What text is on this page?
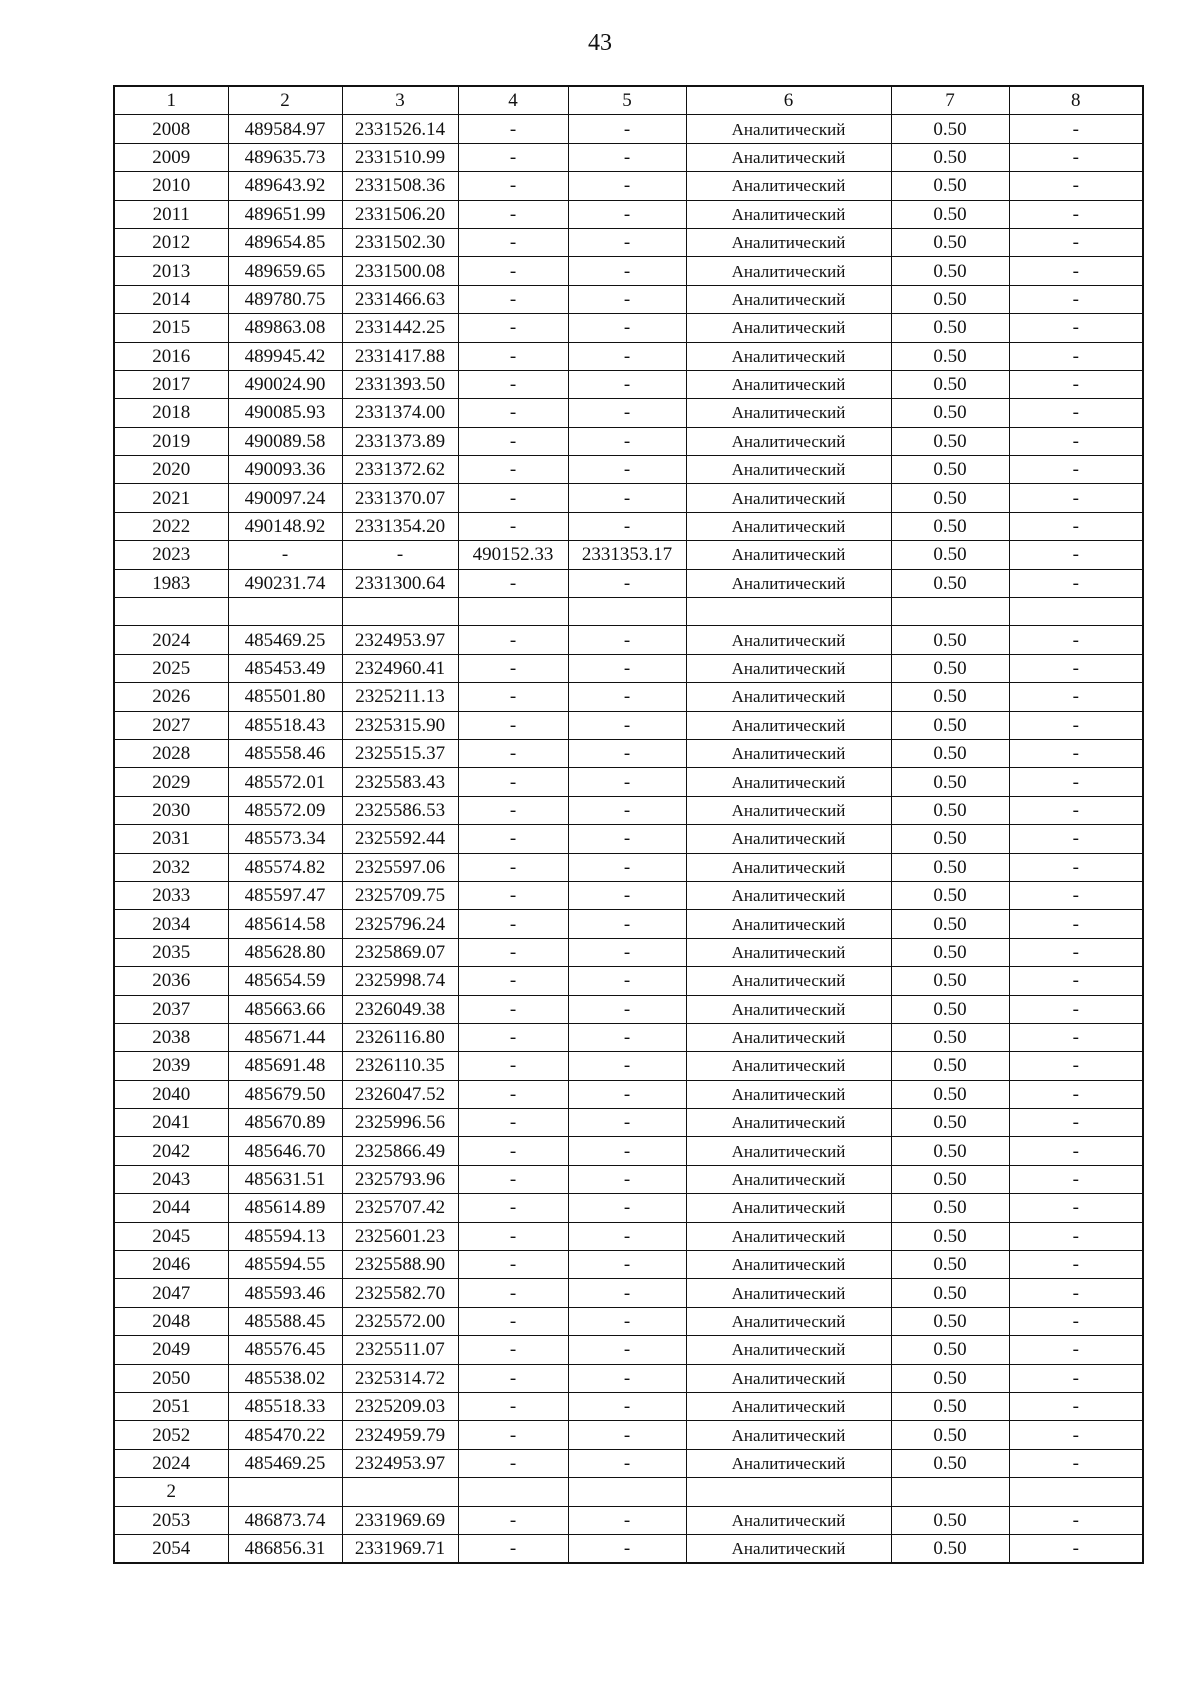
43
1	2	3	4	5	6	7	8
2008	489584.97	2331526.14	-	-	Аналитический	0.50	-
2009	489635.73	2331510.99	-	-	Аналитический	0.50	-
2010	489643.92	2331508.36	-	-	Аналитический	0.50	-
2011	489651.99	2331506.20	-	-	Аналитический	0.50	-
2012	489654.85	2331502.30	-	-	Аналитический	0.50	-
2013	489659.65	2331500.08	-	-	Аналитический	0.50	-
2014	489780.75	2331466.63	-	-	Аналитический	0.50	-
2015	489863.08	2331442.25	-	-	Аналитический	0.50	-
2016	489945.42	2331417.88	-	-	Аналитический	0.50	-
2017	490024.90	2331393.50	-	-	Аналитический	0.50	-
2018	490085.93	2331374.00	-	-	Аналитический	0.50	-
2019	490089.58	2331373.89	-	-	Аналитический	0.50	-
2020	490093.36	2331372.62	-	-	Аналитический	0.50	-
2021	490097.24	2331370.07	-	-	Аналитический	0.50	-
2022	490148.92	2331354.20	-	-	Аналитический	0.50	-
2023	-	-	490152.33	2331353.17	Аналитический	0.50	-
1983	490231.74	2331300.64	-	-	Аналитический	0.50	-

2024	485469.25	2324953.97	-	-	Аналитический	0.50	-
2025	485453.49	2324960.41	-	-	Аналитический	0.50	-
2026	485501.80	2325211.13	-	-	Аналитический	0.50	-
2027	485518.43	2325315.90	-	-	Аналитический	0.50	-
2028	485558.46	2325515.37	-	-	Аналитический	0.50	-
2029	485572.01	2325583.43	-	-	Аналитический	0.50	-
2030	485572.09	2325586.53	-	-	Аналитический	0.50	-
2031	485573.34	2325592.44	-	-	Аналитический	0.50	-
2032	485574.82	2325597.06	-	-	Аналитический	0.50	-
2033	485597.47	2325709.75	-	-	Аналитический	0.50	-
2034	485614.58	2325796.24	-	-	Аналитический	0.50	-
2035	485628.80	2325869.07	-	-	Аналитический	0.50	-
2036	485654.59	2325998.74	-	-	Аналитический	0.50	-
2037	485663.66	2326049.38	-	-	Аналитический	0.50	-
2038	485671.44	2326116.80	-	-	Аналитический	0.50	-
2039	485691.48	2326110.35	-	-	Аналитический	0.50	-
2040	485679.50	2326047.52	-	-	Аналитический	0.50	-
2041	485670.89	2325996.56	-	-	Аналитический	0.50	-
2042	485646.70	2325866.49	-	-	Аналитический	0.50	-
2043	485631.51	2325793.96	-	-	Аналитический	0.50	-
2044	485614.89	2325707.42	-	-	Аналитический	0.50	-
2045	485594.13	2325601.23	-	-	Аналитический	0.50	-
2046	485594.55	2325588.90	-	-	Аналитический	0.50	-
2047	485593.46	2325582.70	-	-	Аналитический	0.50	-
2048	485588.45	2325572.00	-	-	Аналитический	0.50	-
2049	485576.45	2325511.07	-	-	Аналитический	0.50	-
2050	485538.02	2325314.72	-	-	Аналитический	0.50	-
2051	485518.33	2325209.03	-	-	Аналитический	0.50	-
2052	485470.22	2324959.79	-	-	Аналитический	0.50	-
2024	485469.25	2324953.97	-	-	Аналитический	0.50	-
2							
2053	486873.74	2331969.69	-	-	Аналитический	0.50	-
2054	486856.31	2331969.71	-	-	Аналитический	0.50	-
